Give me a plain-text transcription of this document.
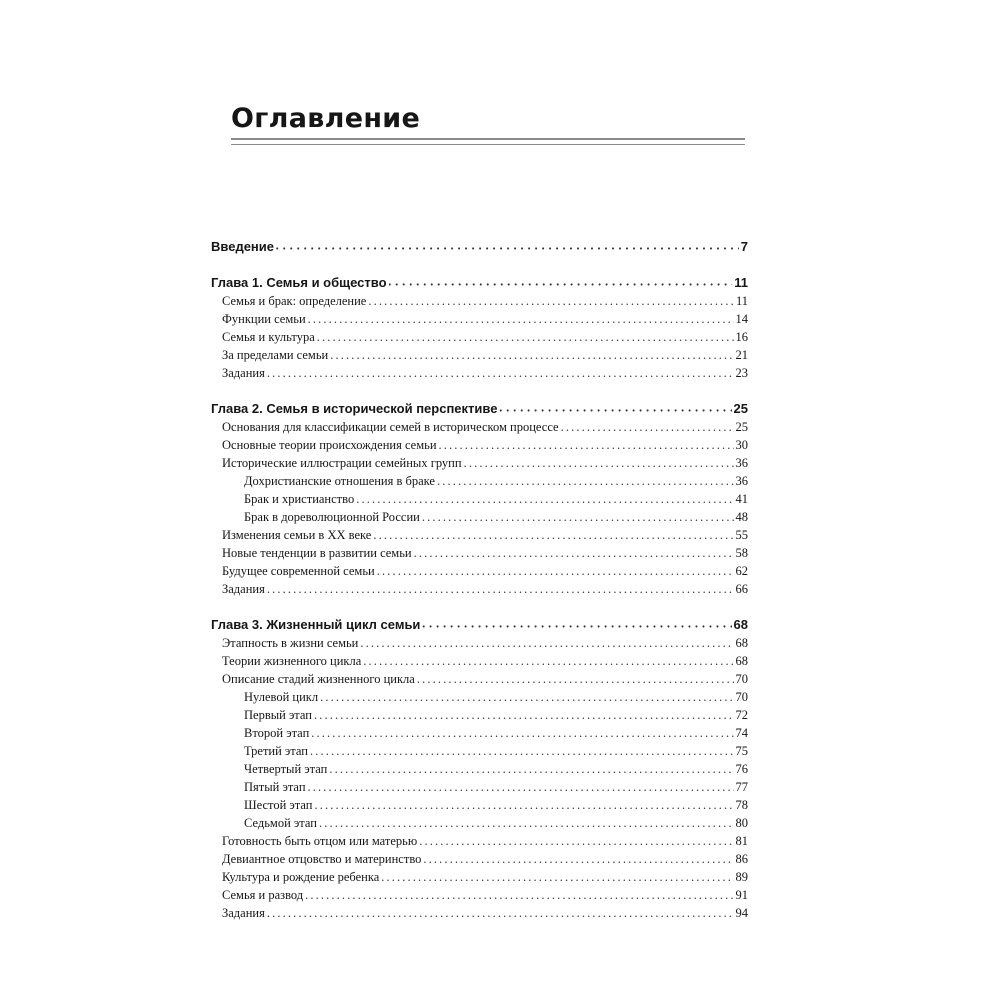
Оглавление
Введение • • •	7
Глава 1. Семья и общество • • •	11
Семья и брак: определение . . .	11
Функции семьи . . .	14
Семья и культура . . .	16
За пределами семьи . . .	21
Задания . . .	23
Глава 2. Семья в исторической перспективе • • •	25
Основания для классификации семей в историческом процессе . . .	25
Основные теории происхождения семьи . . .	30
Исторические иллюстрации семейных групп . . .	36
Дохристианские отношения в браке . . .	36
Брак и христианство . . .	41
Брак в дореволюционной России . . .	48
Изменения семьи в XX веке . . .	55
Новые тенденции в развитии семьи . . .	58
Будущее современной семьи . . .	62
Задания . . .	66
Глава 3. Жизненный цикл семьи • • •	68
Этапность в жизни семьи . . .	68
Теории жизненного цикла . . .	68
Описание стадий жизненного цикла . . .	70
Нулевой цикл . . .	70
Первый этап . . .	72
Второй этап . . .	74
Третий этап . . .	75
Четвертый этап . . .	76
Пятый этап . . .	77
Шестой этап . . .	78
Седьмой этап . . .	80
Готовность быть отцом или матерью . . .	81
Девиантное отцовство и материнство . . .	86
Культура и рождение ребенка . . .	89
Семья и развод . . .	91
Задания . . .	94
